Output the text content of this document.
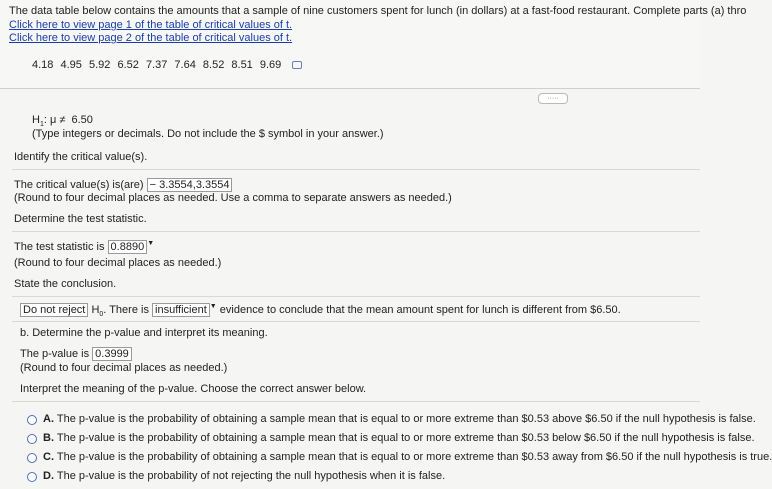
The data table below contains the amounts that a sample of nine customers spent for lunch (in dollars) at a fast-food restaurant. Complete parts (a) thro
Click here to view page 1 of the table of critical values of t.
Click here to view page 2 of the table of critical values of t.
4.18 4.95 5.92 6.52 7.37 7.64 8.52 8.51 9.69
·····
$H_1$: μ ≠ 6.50
(Type integers or decimals. Do not include the $ symbol in your answer.)
Identify the critical value(s).
The critical value(s) is(are) − 3.3554,3.3554
(Round to four decimal places as needed. Use a comma to separate answers as needed.)
Determine the test statistic.
The test statistic is 0.8890 ▼
(Round to four decimal places as needed.)
State the conclusion.
Do not reject $H_0$. There is insufficient ▼ evidence to conclude that the mean amount spent for lunch is different from $6.50.
b. Determine the p-value and interpret its meaning.
The p-value is 0.3999
(Round to four decimal places as needed.)
Interpret the meaning of the p-value. Choose the correct answer below.
A. The p-value is the probability of obtaining a sample mean that is equal to or more extreme than $0.53 above $6.50 if the null hypothesis is false.
B. The p-value is the probability of obtaining a sample mean that is equal to or more extreme than $0.53 below $6.50 if the null hypothesis is false.
C. The p-value is the probability of obtaining a sample mean that is equal to or more extreme than $0.53 away from $6.50 if the null hypothesis is true.
D. The p-value is the probability of not rejecting the null hypothesis when it is false.
